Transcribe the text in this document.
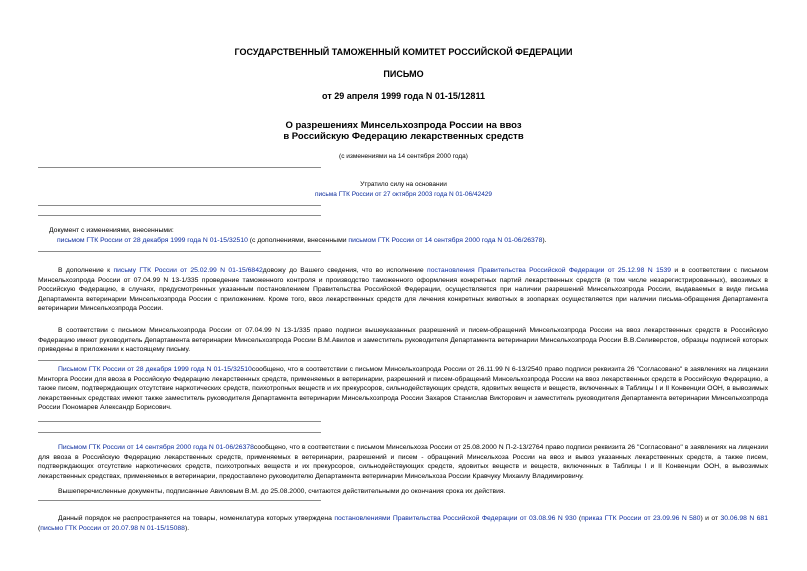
ГОСУДАРСТВЕННЫЙ ТАМОЖЕННЫЙ КОМИТЕТ РОССИЙСКОЙ ФЕДЕРАЦИИ
ПИСЬМО
от 29 апреля 1999 года N 01-15/12811
О разрешениях Минсельхозпрода России на ввоз
в Российскую Федерацию лекарственных средств
(с изменениями на 14 сентября 2000 года)
Утратило силу на основании
письма ГТК России от 27 октября 2003 года N 01-06/42429
Документ с изменениями, внесенными:
письмом ГТК России от 28 декабря 1999 года N 01-15/32510 (с дополнениями, внесенными письмом ГТК России от 14 сентября 2000 года N 01-06/26378).
В дополнение к письму ГТК России от 25.02.99 N 01-15/6842довожу до Вашего сведения, что во исполнение постановления Правительства Российской Федерации от 25.12.98 N 1539 и в соответствии с письмом Минсельхозпрода России от 07.04.99 N 13-1/335 проведение таможенного контроля и производство таможенного оформления конкретных партий лекарственных средств (в том числе незарегистрированных), ввозимых в Российскую Федерацию, в случаях, предусмотренных указанным постановлением Правительства Российской Федерации, осуществляется при наличии разрешений Минсельхозпрода России, выдаваемых в виде письма Департамента ветеринарии Минсельхозпрода России с приложением. Кроме того, ввоз лекарственных средств для лечения конкретных животных в зоопарках осуществляется при наличии письма-обращения Департамента ветеринарии Минсельхозпрода России.
В соответствии с письмом Минсельхозпрода России от 07.04.99 N 13-1/335 право подписи вышеуказанных разрешений и писем-обращений Минсельхозпрода России на ввоз лекарственных средств в Российскую Федерацию имеют руководитель Департамента ветеринарии Минсельхозпрода России В.М.Авилов и заместитель руководителя Департамента ветеринарии Минсельхозпрода России В.В.Селиверстов, образцы подписей которых приведены в приложении к настоящему письму.
Письмом ГТК России от 28 декабря 1999 года N 01-15/32510сообщено, что в соответствии с письмом Минсельхозпрода России от 26.11.99 N 6-13/2540 право подписи реквизита 26 "Согласовано" в заявлениях на лицензии Минторга России для ввоза в Российскую Федерацию лекарственных средств, применяемых в ветеринарии, разрешений и писем-обращений Минсельхозпрода России на ввоз лекарственных средств в Российскую Федерацию, а также писем, подтверждающих отсутствие наркотических средств, психотропных веществ и их прекурсоров, сильнодействующих средств, ядовитых веществ и веществ, включенных в Таблицы I и II Конвенции ООН, в вывозимых лекарственных средствах имеют также заместитель руководителя Департамента ветеринарии Минсельхозпрода России Захаров Станислав Викторович и заместитель руководителя Департамента ветеринарии Минсельхозпрода России Пономарев Александр Борисович.
Письмом ГТК России от 14 сентября 2000 года N 01-06/26378сообщено, что в соответствии с письмом Минсельхоза России от 25.08.2000 N П-2-13/2764 право подписи реквизита 26 "Согласовано" в заявлениях на лицензии для ввоза в Российскую Федерацию лекарственных средств, применяемых в ветеринарии, разрешений и писем - обращений Минсельхоза России на ввоз и вывоз указанных лекарственных средств, а также писем, подтверждающих отсутствие наркотических средств, психотропных веществ и их прекурсоров, сильнодействующих средств, ядовитых веществ и веществ, включенных в Таблицы I и II Конвенции ООН, в вывозимых лекарственных средствах, применяемых в ветеринарии, предоставлено руководителю Департамента ветеринарии Минсельхоза России Кравчуку Михаилу Владимировичу.
Вышеперечисленные документы, подписанные Авиловым В.М. до 25.08.2000, считаются действительными до окончания срока их действия.
Данный порядок не распространяется на товары, номенклатура которых утверждена постановлениями Правительства Российской Федерации от 03.08.96 N 930 (приказ ГТК России от 23.09.96 N 580) и от 30.06.98 N 681 (письмо ГТК России от 20.07.98 N 01-15/15088).
